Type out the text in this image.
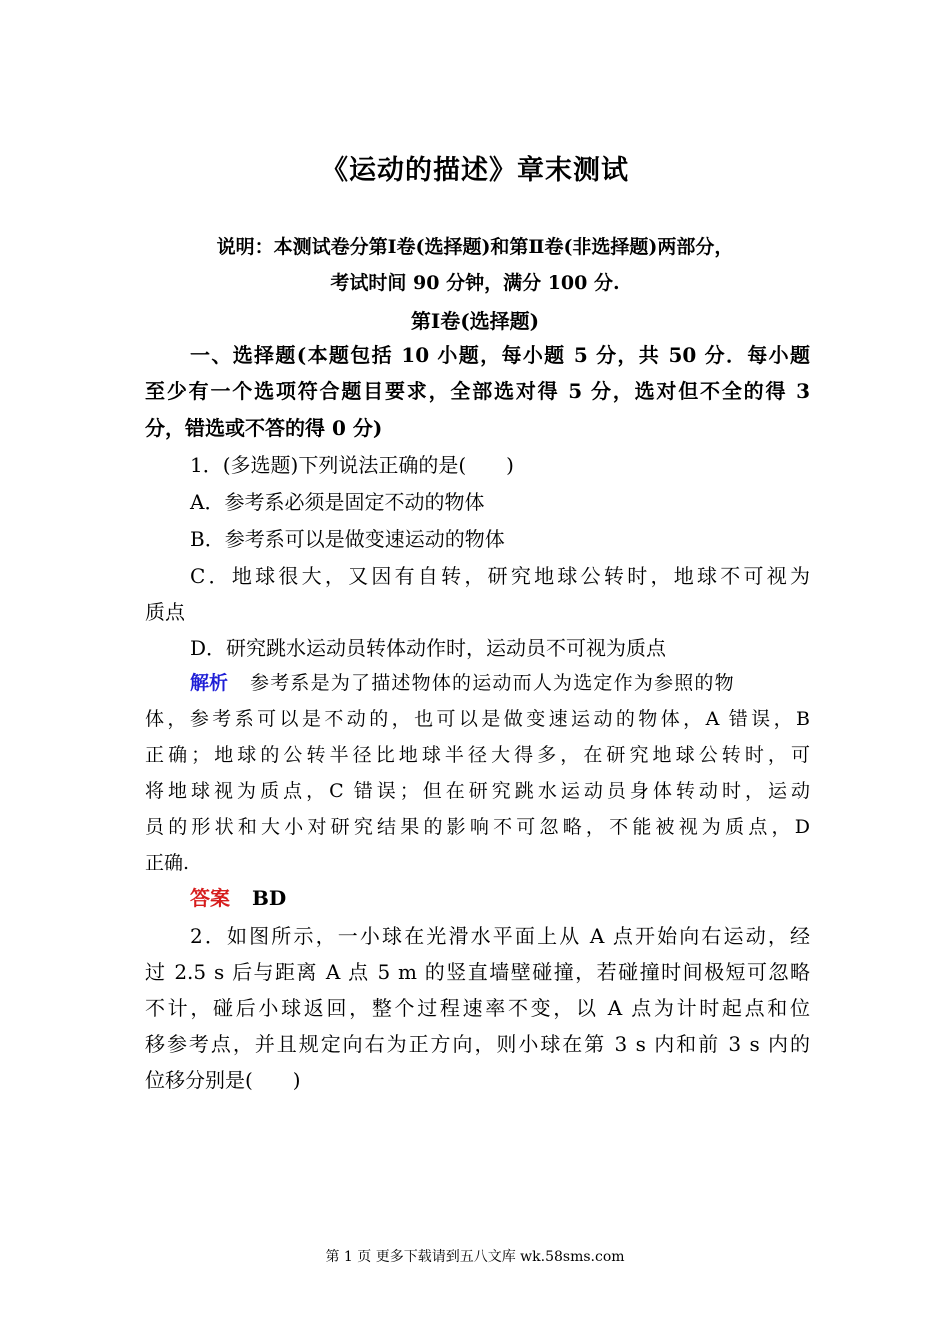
《运动的描述》章末测试
说明：本测试卷分第Ⅰ卷(选择题)和第Ⅱ卷(非选择题)两部分，
考试时间 90 分钟，满分 100 分.
第Ⅰ卷(选择题)
一、选择题(本题包括 10 小题，每小题 5 分，共 50 分．每小题
至少有一个选项符合题目要求，全部选对得 5 分，选对但不全的得 3
分，错选或不答的得 0 分)
1．(多选题)下列说法正确的是(　　)
A．参考系必须是固定不动的物体
B．参考系可以是做变速运动的物体
C．地球很大，又因有自转，研究地球公转时，地球不可视为
质点
D．研究跳水运动员转体动作时，运动员不可视为质点
解析 参考系是为了描述物体的运动而人为选定作为参照的物
体，参考系可以是不动的，也可以是做变速运动的物体，A 错误，B
正确；地球的公转半径比地球半径大得多，在研究地球公转时，可
将地球视为质点，C 错误；但在研究跳水运动员身体转动时，运动
员的形状和大小对研究结果的影响不可忽略，不能被视为质点，D
正确.
答案 BD
2．如图所示，一小球在光滑水平面上从 A 点开始向右运动，经
过 2.5 s 后与距离 A 点 5 m 的竖直墙壁碰撞，若碰撞时间极短可忽略
不计，碰后小球返回，整个过程速率不变，以 A 点为计时起点和位
移参考点，并且规定向右为正方向，则小球在第 3 s 内和前 3 s 内的
位移分别是(　　)
第 1 页 更多下载请到五八文库 wk.58sms.com
